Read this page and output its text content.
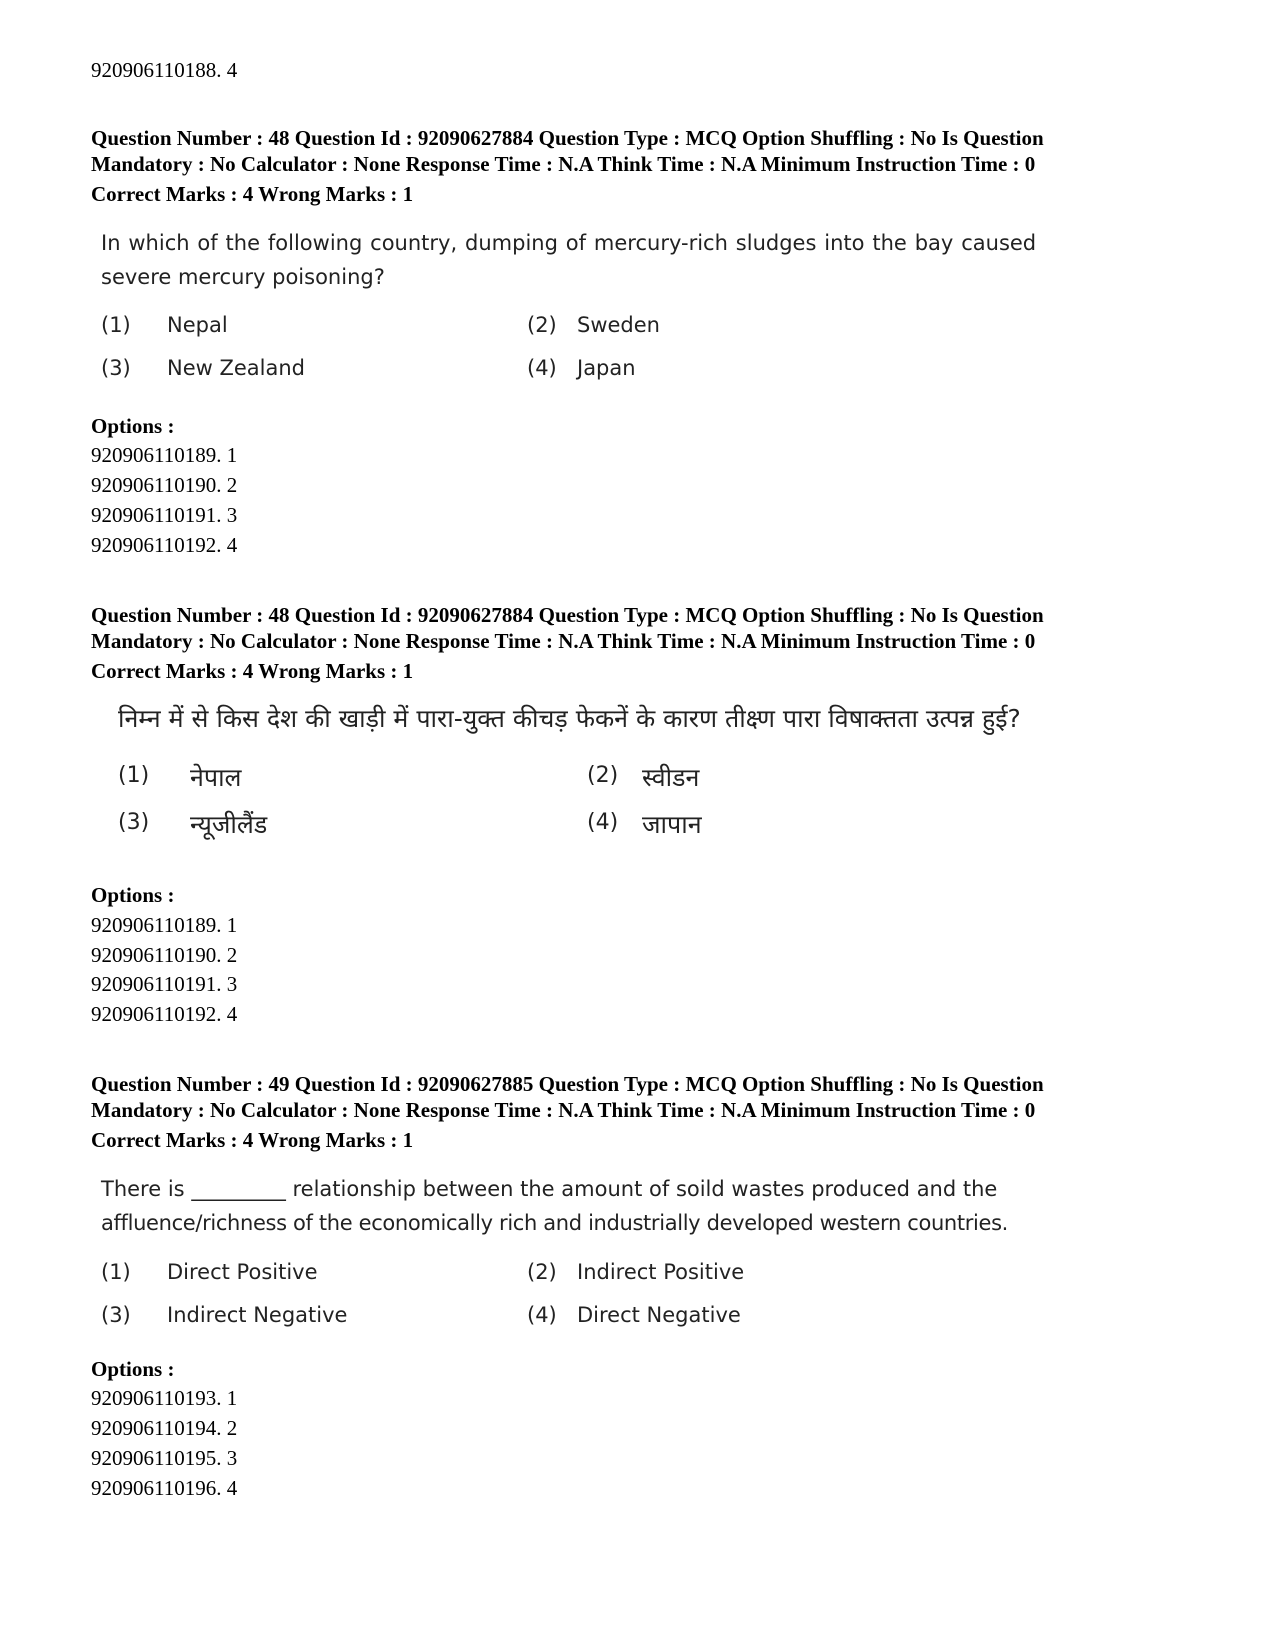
920906110188. 4
Question Number : 48 Question Id : 92090627884 Question Type : MCQ Option Shuffling : No Is Question
Mandatory : No Calculator : None Response Time : N.A Think Time : N.A Minimum Instruction Time : 0
Correct Marks : 4 Wrong Marks : 1
In which of the following country, dumping of mercury-rich sludges into the bay caused
severe mercury poisoning?
(1) Nepal	(2) Sweden
(3) New Zealand	(4) Japan
Options :
920906110189. 1
920906110190. 2
920906110191. 3
920906110192. 4
Question Number : 48 Question Id : 92090627884 Question Type : MCQ Option Shuffling : No Is Question
Mandatory : No Calculator : None Response Time : N.A Think Time : N.A Minimum Instruction Time : 0
Correct Marks : 4 Wrong Marks : 1
निम्न में से किस देश की खाड़ी में पारा-युक्त कीचड़ फेकनें के कारण तीक्ष्ण पारा विषाक्तता उत्पन्न हुई?
(1) नेपाल	(2) स्वीडन
(3) न्यूजीलैंड	(4) जापान
Options :
920906110189. 1
920906110190. 2
920906110191. 3
920906110192. 4
Question Number : 49 Question Id : 92090627885 Question Type : MCQ Option Shuffling : No Is Question
Mandatory : No Calculator : None Response Time : N.A Think Time : N.A Minimum Instruction Time : 0
Correct Marks : 4 Wrong Marks : 1
There is _________ relationship between the amount of soild wastes produced and the
affluence/richness of the economically rich and industrially developed western countries.
(1) Direct Positive	(2) Indirect Positive
(3) Indirect Negative	(4) Direct Negative
Options :
920906110193. 1
920906110194. 2
920906110195. 3
920906110196. 4
